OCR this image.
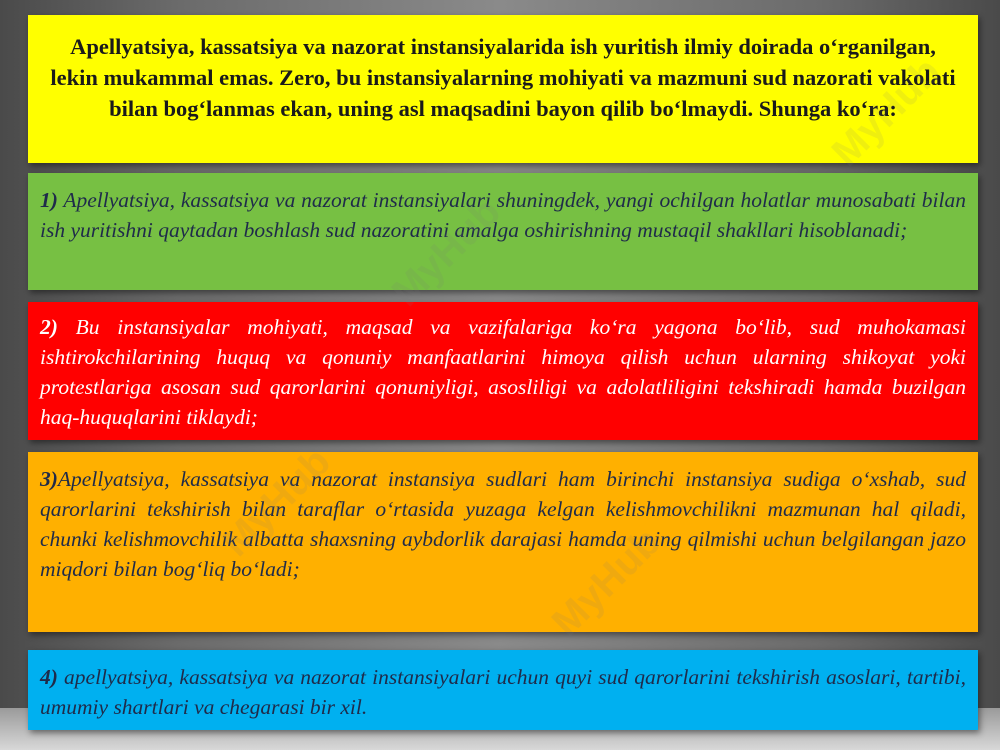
Apellyatsiya, kassatsiya va nazorat instansiyalarida ish yuritish ilmiy doirada o‘rganilgan, lekin mukammal emas. Zero, bu instansiyalarning mohiyati va mazmuni sud nazorati vakolati bilan bog‘lanmas ekan, uning asl maqsadini bayon qilib bo‘lmaydi. Shunga ko‘ra:

1) Apellyatsiya, kassatsiya va nazorat instansiyalari shuningdek, yangi ochilgan holatlar munosabati bilan ish yuritishni qaytadan boshlash sud nazoratini amalga oshirishning mustaqil shakllari hisoblanadi;

2) Bu instansiyalar mohiyati, maqsad va vazifalariga ko‘ra yagona bo‘lib, sud muhokamasi ishtirokchilarining huquq va qonuniy manfaatlarini himoya qilish uchun ularning shikoyat yoki protestlariga asosan sud qarorlarini qonuniyligi, asosliligi va adolatliligini tekshiradi hamda buzilgan haq-huquqlarini tiklaydi;

3)Apellyatsiya, kassatsiya va nazorat instansiya sudlari ham birinchi instansiya sudiga o‘xshab, sud qarorlarini tekshirish bilan taraflar o‘rtasida yuzaga kelgan kelishmovchilikni mazmunan hal qiladi, chunki kelishmovchilik albatta shaxsning aybdorlik darajasi hamda uning qilmishi uchun belgilangan jazo miqdori bilan bog‘liq bo‘ladi;

4) apellyatsiya, kassatsiya va nazorat instansiyalari uchun quyi sud qarorlarini tekshirish asoslari, tartibi, umumiy shartlari va chegarasi bir xil.
